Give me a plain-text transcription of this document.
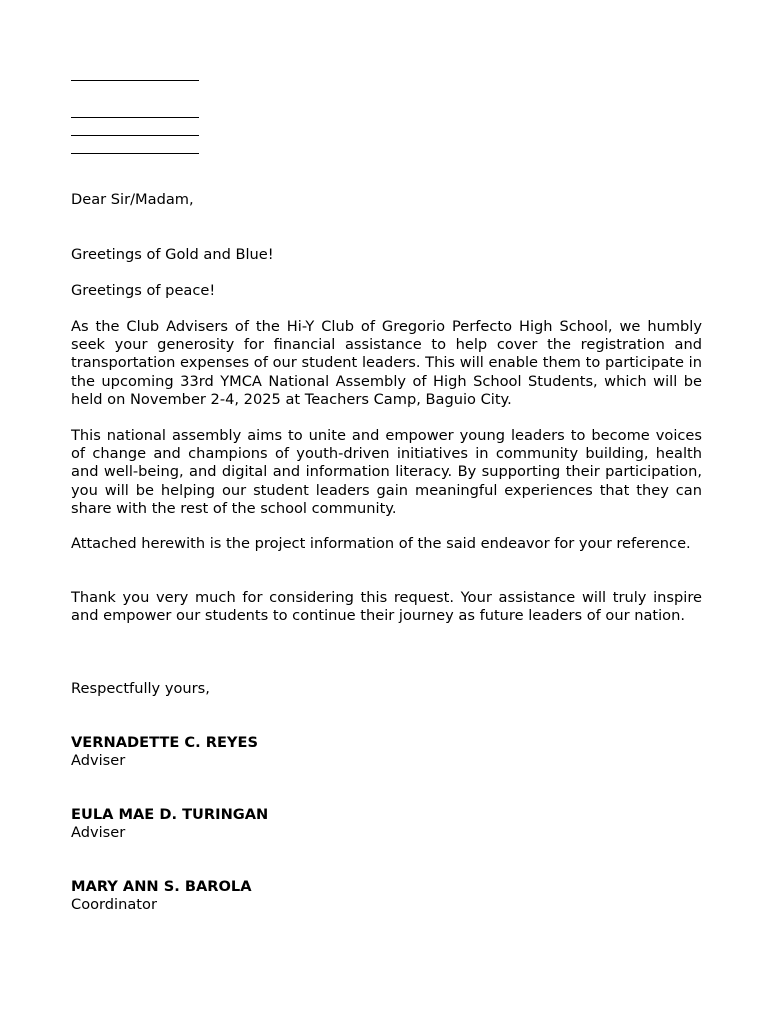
Dear Sir/Madam,

Greetings of Gold and Blue!

Greetings of peace!

As the Club Advisers of the Hi-Y Club of Gregorio Perfecto High School, we humbly seek your generosity for financial assistance to help cover the registration and transportation expenses of our student leaders. This will enable them to participate in the upcoming 33rd YMCA National Assembly of High School Students, which will be held on November 2-4, 2025 at Teachers Camp, Baguio City.

This national assembly aims to unite and empower young leaders to become voices of change and champions of youth-driven initiatives in community building, health and well-being, and digital and information literacy. By supporting their participation, you will be helping our student leaders gain meaningful experiences that they can share with the rest of the school community.

Attached herewith is the project information of the said endeavor for your reference.

Thank you very much for considering this request. Your assistance will truly inspire and empower our students to continue their journey as future leaders of our nation.

Respectfully yours,

VERNADETTE C. REYES
Adviser
EULA MAE D. TURINGAN
Adviser
MARY ANN S. BAROLA
Coordinator
